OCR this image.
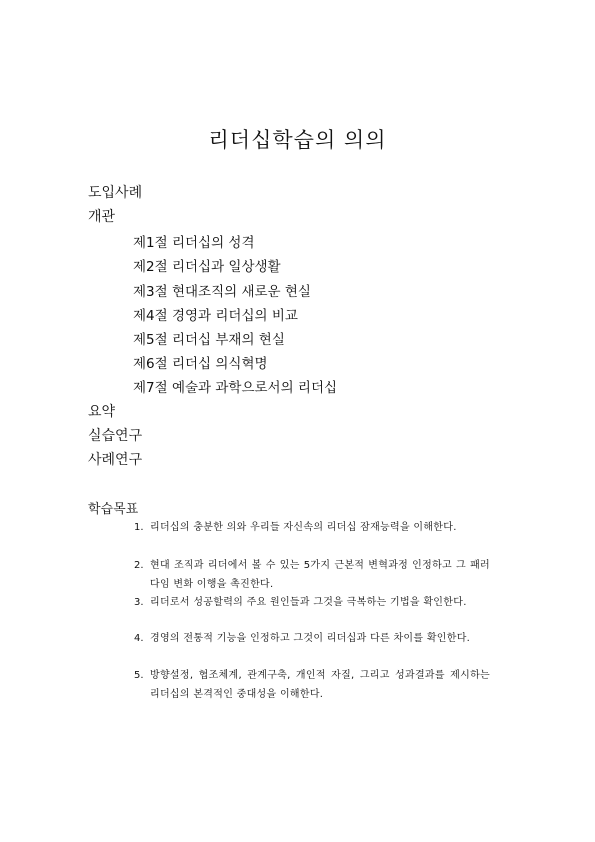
리더십학습의 의의
도입사례
개관
제1절 리더십의 성격
제2절 리더십과 일상생활
제3절 현대조직의 새로운 현실
제4절 경영과 리더십의 비교
제5절 리더십 부재의 현실
제6절 리더십 의식혁명
제7절 예술과 과학으로서의 리더십
요약
실습연구
사례연구
학습목표
1. 리더십의 충분한 의와 우리들 자신속의 리더십 잠재능력을 이해한다.
2. 현대 조직과 리더에서 볼 수 있는 5가지 근본적 변혁과정 인정하고 그 패러다임 변화 이행을 촉진한다.
3. 리더로서 성공할력의 주요 원인들과 그것을 극복하는 기법을 확인한다.
4. 경영의 전통적 기능을 인정하고 그것이 리더십과 다른 차이를 확인한다.
5. 방향설정, 협조체계, 관계구축, 개인적 자질, 그리고 성과결과를 제시하는 리더십의 본격적인 중대성을 이해한다.
